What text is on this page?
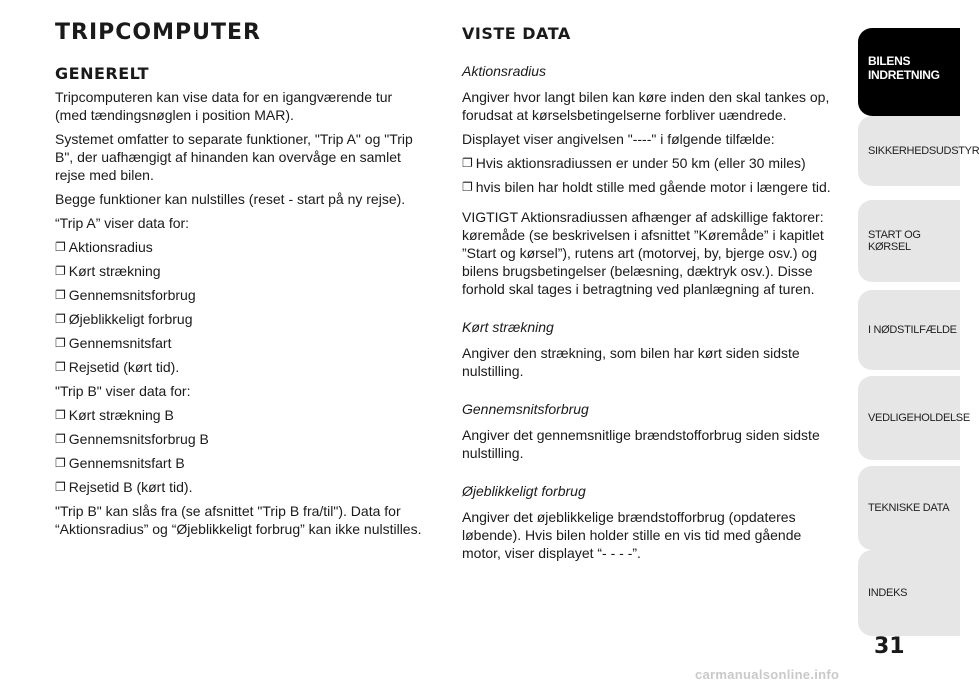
TRIPCOMPUTER
GENERELT

Tripcomputeren kan vise data for en igangværende tur (med tændingsnøglen i position MAR).

Systemet omfatter to separate funktioner, "Trip A" og "Trip B", der uafhængigt af hinanden kan overvåge en samlet rejse med bilen.

Begge funktioner kan nulstilles (reset - start på ny rejse).

“Trip A” viser data for:

❐ Aktionsradius
❐ Kørt strækning
❐ Gennemsnitsforbrug
❐ Øjeblikkeligt forbrug
❐ Gennemsnitsfart
❐ Rejsetid (kørt tid).

"Trip B" viser data for:

❐ Kørt strækning B
❐ Gennemsnitsforbrug B
❐ Gennemsnitsfart B
❐ Rejsetid B (kørt tid).

"Trip B" kan slås fra (se afsnittet "Trip B fra/til"). Data for “Aktionsradius” og “Øjeblikkeligt forbrug” kan ikke nulstilles.

VISTE DATA

Aktionsradius

Angiver hvor langt bilen kan køre inden den skal tankes op, forudsat at kørselsbetingelserne forbliver uændrede.

Displayet viser angivelsen "----" i følgende tilfælde:

❐ Hvis aktionsradiussen er under 50 km (eller 30 miles)
❐ hvis bilen har holdt stille med gående motor i længere tid.

VIGTIGT Aktionsradiussen afhænger af adskillige faktorer: køremåde (se beskrivelsen i afsnittet ”Køremåde” i kapitlet ”Start og kørsel”), rutens art (motorvej, by, bjerge osv.) og bilens brugsbetingelser (belæsning, dæktryk osv.). Disse forhold skal tages i betragtning ved planlægning af turen.

Kørt strækning

Angiver den strækning, som bilen har kørt siden sidste nulstilling.

Gennemsnitsforbrug

Angiver det gennemsnitlige brændstofforbrug siden sidste nulstilling.

Øjeblikkeligt forbrug

Angiver det øjeblikkelige brændstofforbrug (opdateres løbende). Hvis bilen holder stille en vis tid med gående motor, viser displayet “- - - -”.

BILENS INDRETNING
SIKKERHEDSUDSTYR
START OG KØRSEL
I NØDSTILFÆLDE
VEDLIGEHOLDELSE
TEKNISKE DATA
INDEKS
31
carmanualsonline.info
